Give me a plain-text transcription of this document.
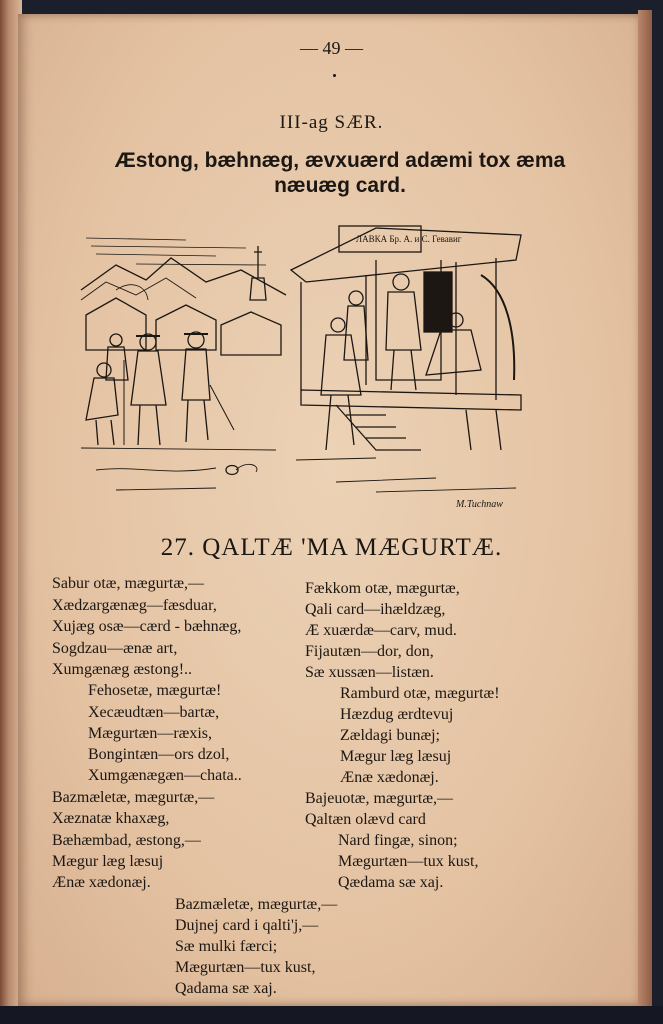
— 49 —
III-ag SÆR.
Æstong, bæhnæg, ævxuærd adæmi tox æma næuæg card.
ЛАВКА Бр. А. и С. Гевавиг
M.Tuchnaw
27. QALTÆ 'MA MÆGURTÆ.
Sabur otæ, mægurtæ,—
Xædzargænæg—fæsduar,
Xujæg osæ—cærd - bæhnæg,
Sogdzau—ænæ art,
Xumgænæg æstong!..
Fehosetæ, mægurtæ!
Xecæudtæn—bartæ,
Mægurtæn—ræxis,
Bongintæn—ors dzol,
Xumgænægæn—chata..
Bazmæletæ, mægurtæ,—
Xæznatæ khaxæg,
Bæhæmbad, æstong,—
Mægur læg læsuj
Ænæ xædonæj.
Fækkom otæ, mægurtæ,
Qali card—ihældzæg,
Æ xuærdæ—carv, mud.
Fijautæn—dor, don,
Sæ xussæn—listæn.
Ramburd otæ, mægurtæ!
Hæzdug ærdtevuj
Zældagi bunæj;
Mægur læg læsuj
Ænæ xædonæj.
Bajeuotæ, mægurtæ,—
Qaltæn olævd card
Nard fingæ, sinon;
Mægurtæn—tux kust,
Qædama sæ xaj.
Bazmæletæ, mægurtæ,—
Dujnej card i qalti'j,—
Sæ mulki færci;
Mægurtæn—tux kust,
Qadama sæ xaj.
